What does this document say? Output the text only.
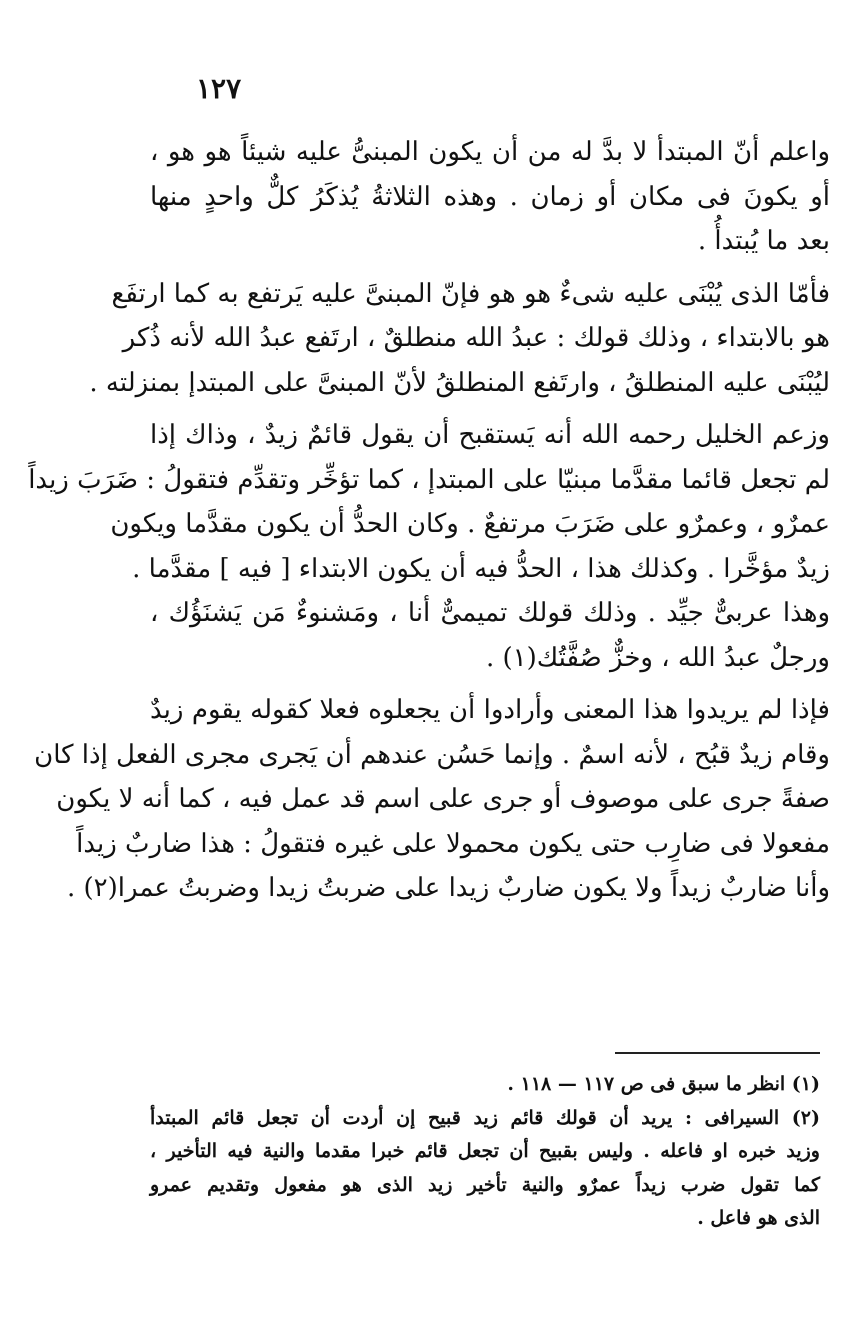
١٢٧

واعلم أنّ المبتدأ لا بدَّ له من أن يكون المبنىُّ عليه شيئاً هو هو ،
أو يكونَ فى مكان أو زمان . وهذه الثلاثةُ يُذكَرُ كلٌّ واحدٍ منها
بعد ما يُبتدأُ .

فأمّا الذى يُبْنَى عليه شىءٌ هو هو فإنّ المبنىَّ عليه يَرتفع به كما ارتفَع
هو بالابتداء ، وذلك قولك : عبدُ الله منطلقٌ ، ارتَفع عبدُ الله لأنه ذُكر
ليُبْنَى عليه المنطلقُ ، وارتَفع المنطلقُ لأنّ المبنىَّ على المبتدإ بمنزلته .

وزعم الخليل رحمه الله أنه يَستقبح أن يقول قائمٌ زيدٌ ، وذاك إذا
لم تجعل قائما مقدَّما مبنيّا على المبتدإ ، كما تؤخِّر وتقدِّم فتقولُ : ضَرَبَ زيداً
عمرٌو ، وعمرٌو على ضَرَبَ مرتفعٌ . وكان الحدُّ أن يكون مقدَّما ويكون
زيدٌ مؤخَّرا . وكذلك هذا ، الحدُّ فيه أن يكون الابتداء [ فيه ] مقدَّما .
وهذا عربىٌّ جيِّد . وذلك قولك تميمىٌّ أنا ، ومَشنوءٌ مَن يَشنَؤُك ،
ورجلٌ عبدُ الله ، وخزٌّ صُفَّتُك(١) .

فإذا لم يريدوا هذا المعنى وأرادوا أن يجعلوه فعلا كقوله يقوم زيدٌ
وقام زيدٌ قبُح ، لأنه اسمٌ . وإنما حَسُن عندهم أن يَجرى مجرى الفعل إذا كان
صفةً جرى على موصوف أو جرى على اسم قد عمل فيه ، كما أنه لا يكون
مفعولا فى ضارِب حتى يكون محمولا على غيره فتقولُ : هذا ضاربٌ زيداً
وأنا ضاربٌ زيداً ولا يكون ضاربٌ زيدا على ضربتُ زيدا وضربتُ عمرا(٢) .

(١) انظر ما سبق فى ص ١١٧ — ١١٨ .
(٢) السيرافى : يريد أن قولك قائم زيد قبيح إن أردت أن تجعل قائم المبتدأ
وزيد خبره او فاعله . وليس بقبيح أن تجعل قائم خبرا مقدما والنية فيه التأخير ،
كما تقول ضرب زيداً عمرٌو والنية تأخير زيد الذى هو مفعول وتقديم عمرو
الذى هو فاعل .
